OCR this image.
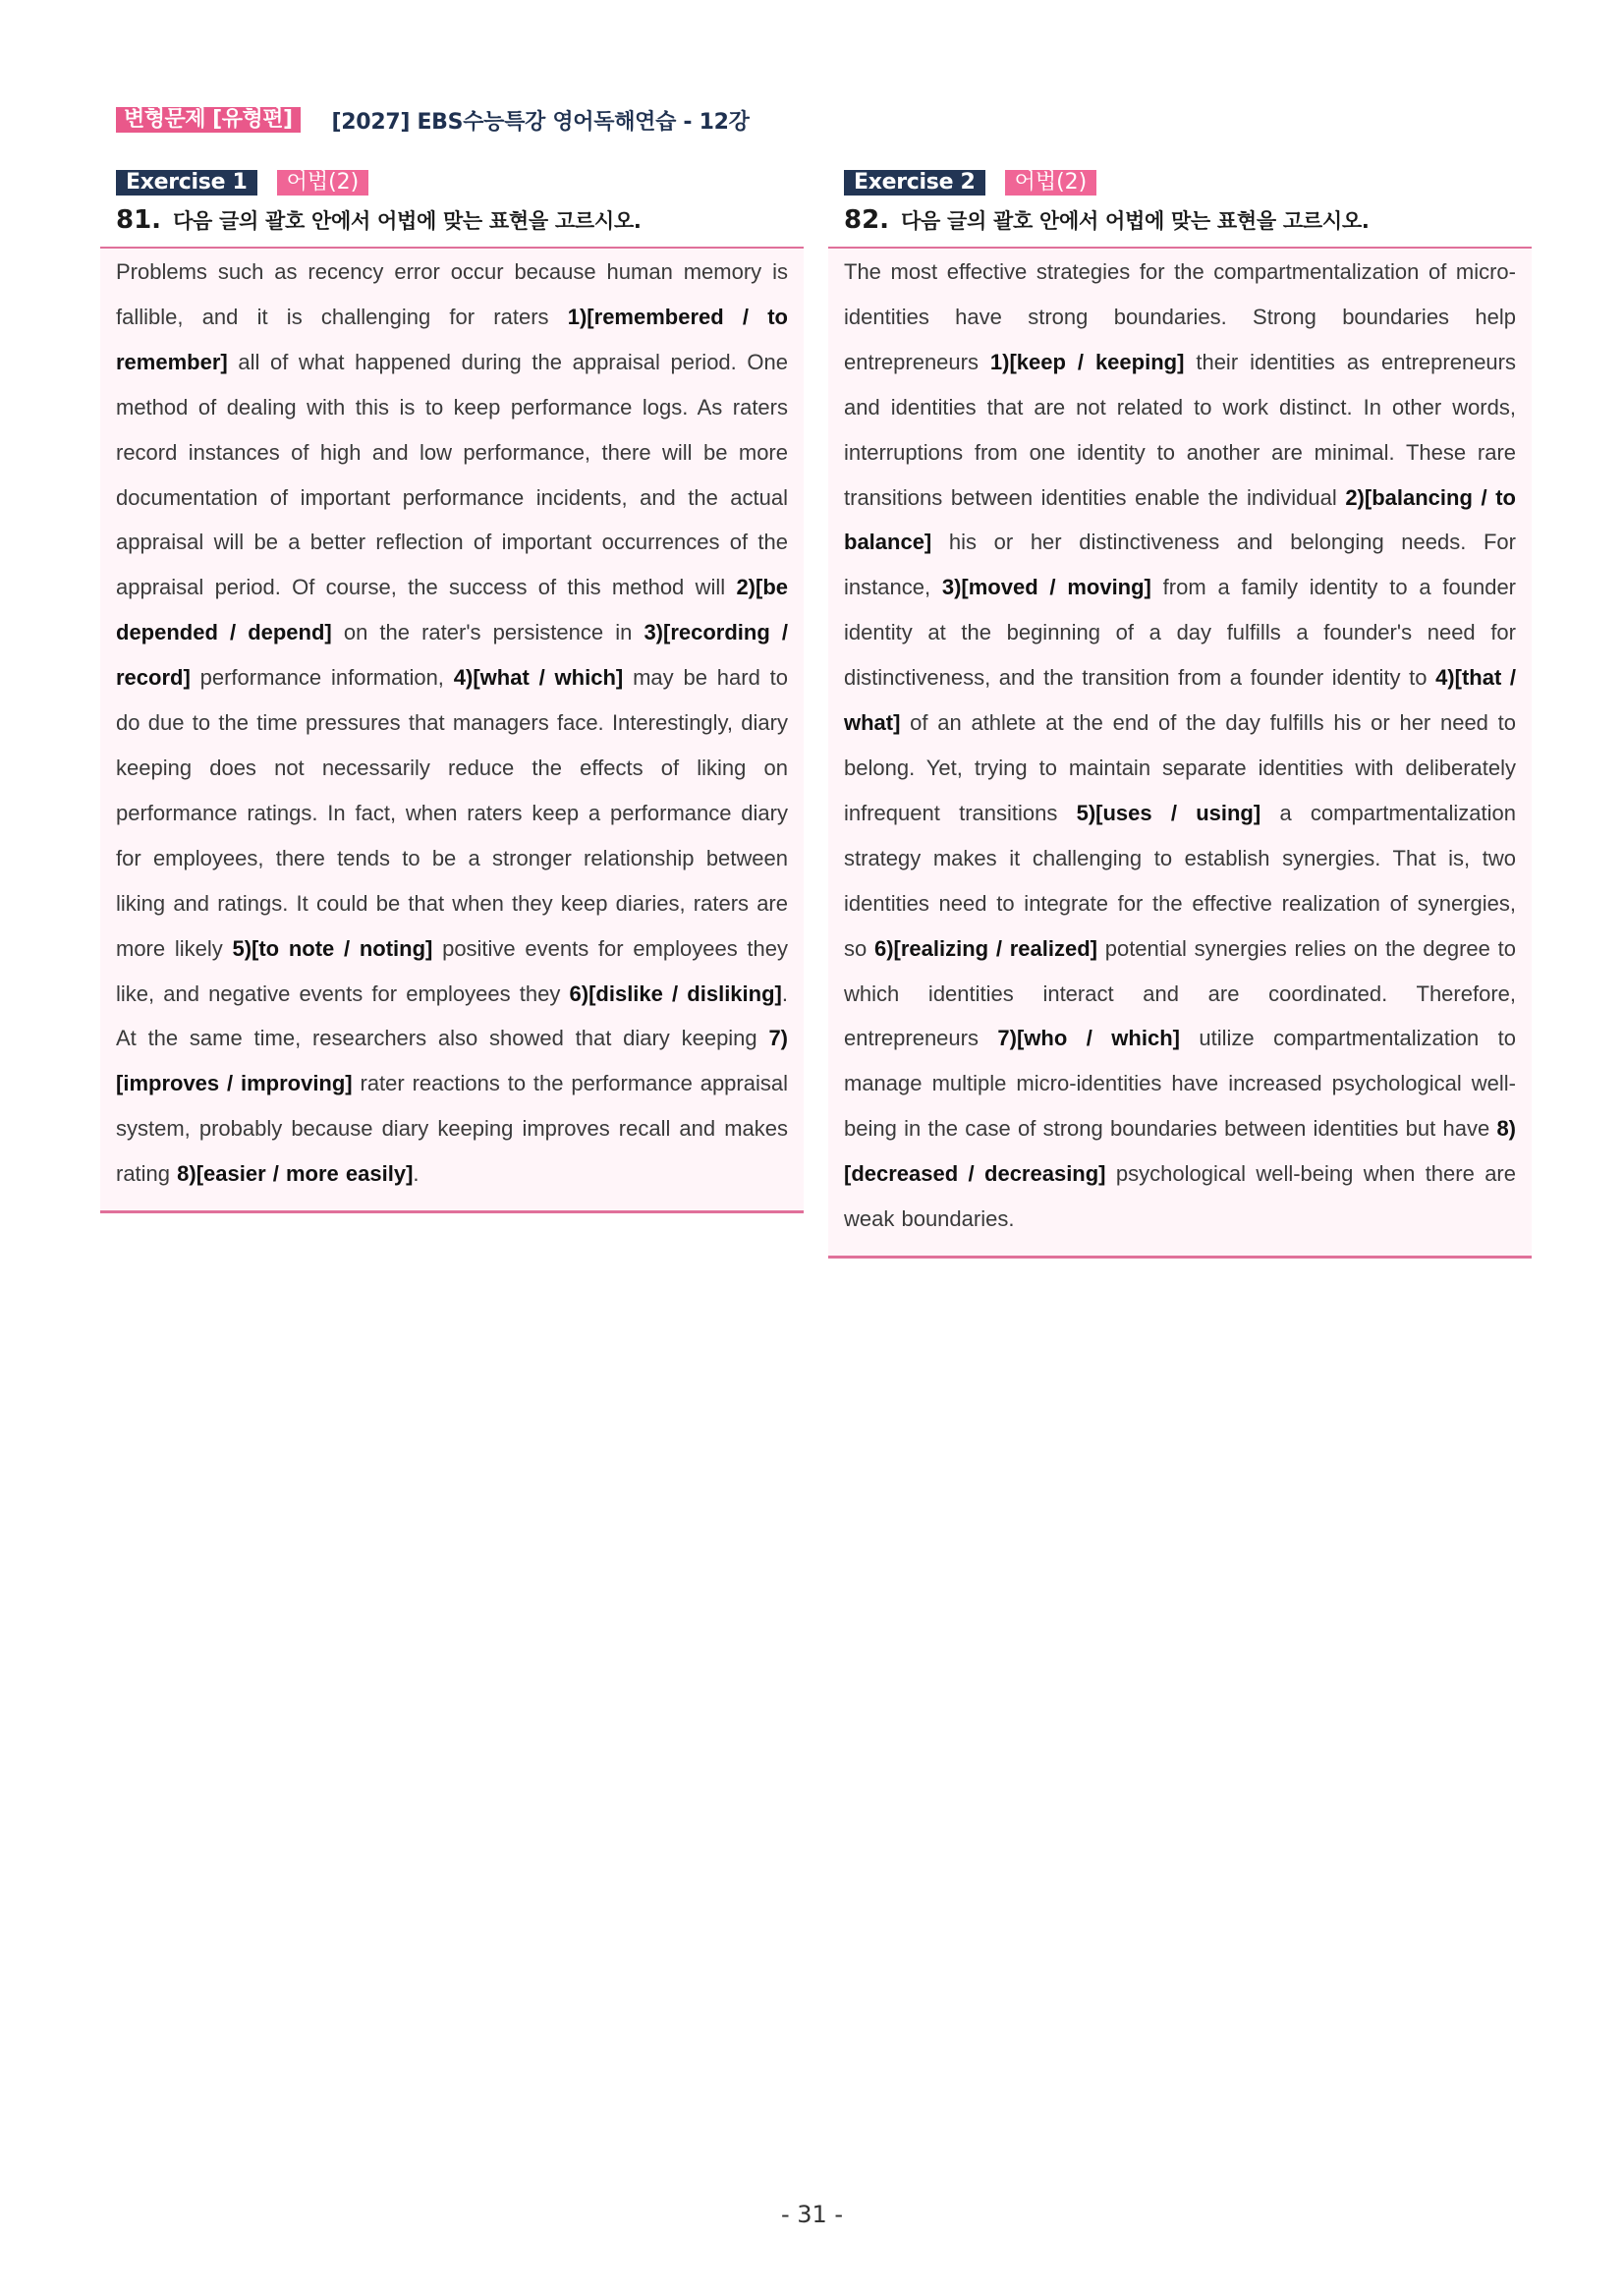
변형문제 [유형편]	[2027] EBS수능특강 영어독해연습 - 12강
Exercise 1	어법(2)
81. 다음 글의 괄호 안에서 어법에 맞는 표현을 고르시오.

Problems such as recency error occur because human memory is fallible, and it is challenging for raters 1)[remembered / to remember] all of what happened during the appraisal period. One method of dealing with this is to keep performance logs. As raters record instances of high and low performance, there will be more documentation of important performance incidents, and the actual appraisal will be a better reflection of important occurrences of the appraisal period. Of course, the success of this method will 2)[be depended / depend] on the rater's persistence in 3)[recording / record] performance information, 4)[what / which] may be hard to do due to the time pressures that managers face. Interestingly, diary keeping does not necessarily reduce the effects of liking on performance ratings. In fact, when raters keep a performance diary for employees, there tends to be a stronger relationship between liking and ratings. It could be that when they keep diaries, raters are more likely 5)[to note / noting] positive events for employees they like, and negative events for employees they 6)[dislike / disliking]. At the same time, researchers also showed that diary keeping 7)[improves / improving] rater reactions to the performance appraisal system, probably because diary keeping improves recall and makes rating 8)[easier / more easily].

Exercise 2	어법(2)
82. 다음 글의 괄호 안에서 어법에 맞는 표현을 고르시오.

The most effective strategies for the compartmentalization of micro-identities have strong boundaries. Strong boundaries help entrepreneurs 1)[keep / keeping] their identities as entrepreneurs and identities that are not related to work distinct. In other words, interruptions from one identity to another are minimal. These rare transitions between identities enable the individual 2)[balancing / to balance] his or her distinctiveness and belonging needs. For instance, 3)[moved / moving] from a family identity to a founder identity at the beginning of a day fulfills a founder's need for distinctiveness, and the transition from a founder identity to 4)[that / what] of an athlete at the end of the day fulfills his or her need to belong. Yet, trying to maintain separate identities with deliberately infrequent transitions 5)[uses / using] a compartmentalization strategy makes it challenging to establish synergies. That is, two identities need to integrate for the effective realization of synergies, so 6)[realizing / realized] potential synergies relies on the degree to which identities interact and are coordinated. Therefore, entrepreneurs 7)[who / which] utilize compartmentalization to manage multiple micro-identities have increased psychological well-being in the case of strong boundaries between identities but have 8)[decreased / decreasing] psychological well-being when there are weak boundaries.

- 31 -
